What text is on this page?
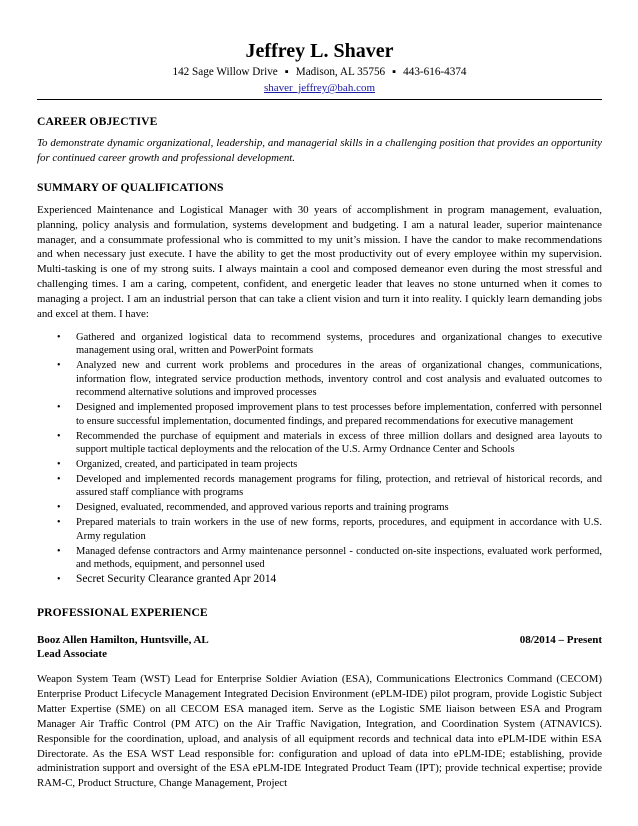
Jeffrey L. Shaver
142 Sage Willow Drive ▪ Madison, AL 35756 ▪ 443-616-4374
shaver_jeffrey@bah.com
CAREER OBJECTIVE

To demonstrate dynamic organizational, leadership, and managerial skills in a challenging position that provides an opportunity for continued career growth and professional development.

SUMMARY OF QUALIFICATIONS

Experienced Maintenance and Logistical Manager with 30 years of accomplishment in program management, evaluation, planning, policy analysis and formulation, systems development and budgeting. I am a natural leader, superior maintenance manager, and a consummate professional who is committed to my unit’s mission. I have the candor to make recommendations and when necessary just execute. I have the ability to get the most productivity out of every employee within my supervision. Multi-tasking is one of my strong suits. I always maintain a cool and composed demeanor even during the most stressful and challenging times. I am a caring, competent, confident, and energetic leader that leaves no stone unturned when it comes to managing a project. I am an industrial person that can take a client vision and turn it into reality. I quickly learn demanding jobs and excel at them. I have:

• Gathered and organized logistical data to recommend systems, procedures and organizational changes to executive management using oral, written and PowerPoint formats
• Analyzed new and current work problems and procedures in the areas of organizational changes, communications, information flow, integrated service production methods, inventory control and cost analysis and evaluated outcomes to recommend alternative solutions and improved processes
• Designed and implemented proposed improvement plans to test processes before implementation, conferred with personnel to ensure successful implementation, documented findings, and prepared recommendations for executive management
• Recommended the purchase of equipment and materials in excess of three million dollars and designed area layouts to support multiple tactical deployments and the relocation of the U.S. Army Ordnance Center and Schools
• Organized, created, and participated in team projects
• Developed and implemented records management programs for filing, protection, and retrieval of historical records, and assured staff compliance with programs
• Designed, evaluated, recommended, and approved various reports and training programs
• Prepared materials to train workers in the use of new forms, reports, procedures, and equipment in accordance with U.S. Army regulation
• Managed defense contractors and Army maintenance personnel - conducted on-site inspections, evaluated work performed, and methods, equipment, and personnel used
• Secret Security Clearance granted Apr 2014
PROFESSIONAL EXPERIENCE
Booz Allen Hamilton, Huntsville, AL	08/2014 – Present
Lead Associate

Weapon System Team (WST) Lead for Enterprise Soldier Aviation (ESA), Communications Electronics Command (CECOM) Enterprise Product Lifecycle Management Integrated Decision Environment (ePLM-IDE) pilot program, provide Logistic Subject Matter Expertise (SME) on all CECOM ESA managed item. Serve as the Logistic SME liaison between ESA and Program Manager Air Traffic Control (PM ATC) on the Air Traffic Navigation, Integration, and Coordination System (ATNAVICS). Responsible for the coordination, upload, and analysis of all equipment records and technical data into ePLM-IDE within ESA Directorate. As the ESA WST Lead responsible for: configuration and upload of data into ePLM-IDE; establishing, provide administration support and oversight of the ESA ePLM-IDE Integrated Product Team (IPT); provide technical expertise; provide RAM-C, Product Structure, Change Management, Project
